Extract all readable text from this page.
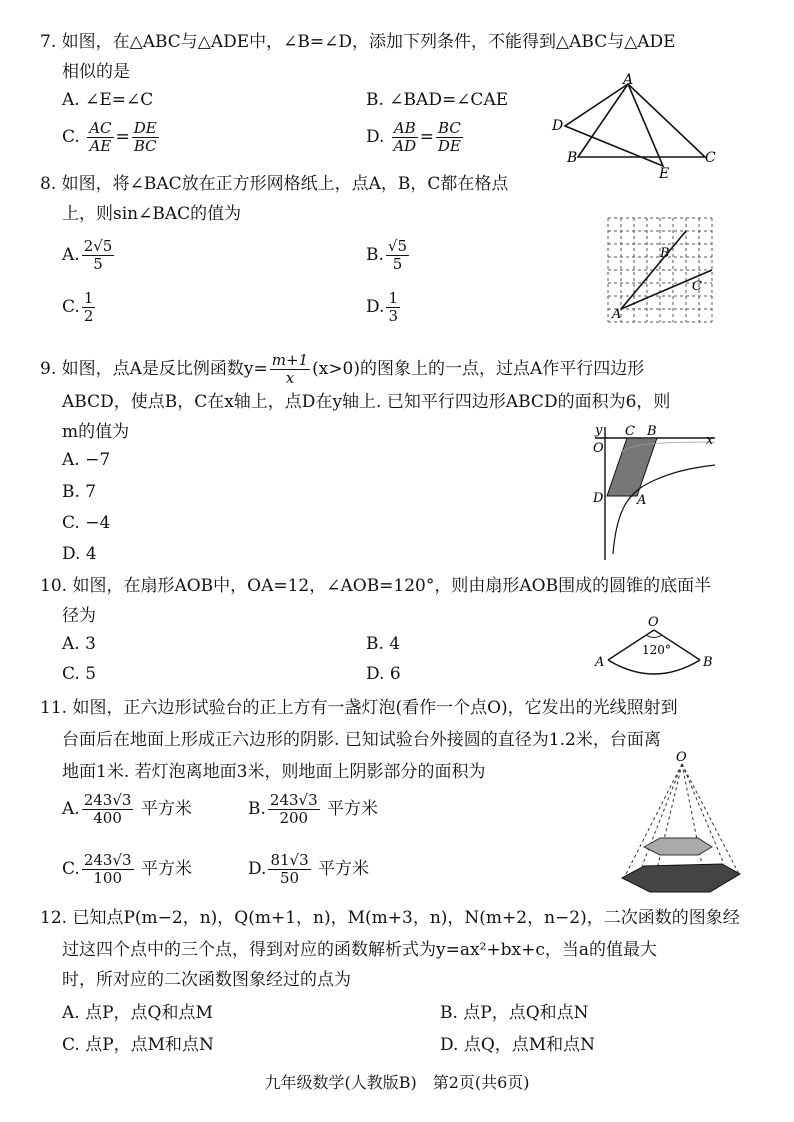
7. 如图，在△ABC与△ADE中，∠B=∠D，添加下列条件，不能得到△ABC与△ADE
相似的是
A. ∠E=∠C	B. ∠BAD=∠CAE
C. $\frac{AC}{AE} = \frac{DE}{BC}$	D. $\frac{AB}{AD} = \frac{BC}{DE}$
A
B	C
D
E
8. 如图，将∠BAC放在正方形网格纸上，点A，B，C都在格点
上，则sin∠BAC的值为
A. $\frac{2√5}{5}$	B. $\frac{√5}{5}$
C. $\frac{1}{2}$	D. $\frac{1}{3}$	A
B
C
9. 如图，点A是反比例函数$y= \frac{m+1}{x} (x>0)$的图象上的一点，过点A作平行四边形
ABCD，使点B，C在x轴上，点D在y轴上. 已知平行四边形ABCD的面积为6，则
m的值为
A. −7
B. 7
C. −4
D. 4
y
x
O
C B
D	A
10. 如图，在扇形AOB中，OA=12，∠AOB=120°，则由扇形AOB围成的圆锥的底面半
径为
A. 3	B. 4
C. 5	D. 6
O
A	B
120°
11. 如图，正六边形试验台的正上方有一盏灯泡(看作一个点O)，它发出的光线照射到
台面后在地面上形成正六边形的阴影. 已知试验台外接圆的直径为1.2米，台面离
地面1米. 若灯泡离地面3米，则地面上阴影部分的面积为
A. $\frac{243√3}{400}$ 平方米	B. $\frac{243√3}{200}$ 平方米
C. $\frac{243√3}{100}$ 平方米	D. $\frac{81√3}{50}$ 平方米
O
12. 已知点P(m−2，n)，Q(m+1，n)，M(m+3，n)，N(m+2，n−2)，二次函数的图象经
过这四个点中的三个点，得到对应的函数解析式为y=ax²+bx+c，当a的值最大
时，所对应的二次函数图象经过的点为
A. 点P，点Q和点M	B. 点P，点Q和点N
C. 点P，点M和点N	D. 点Q，点M和点N
九年级数学(人教版B)　第2页(共6页)
